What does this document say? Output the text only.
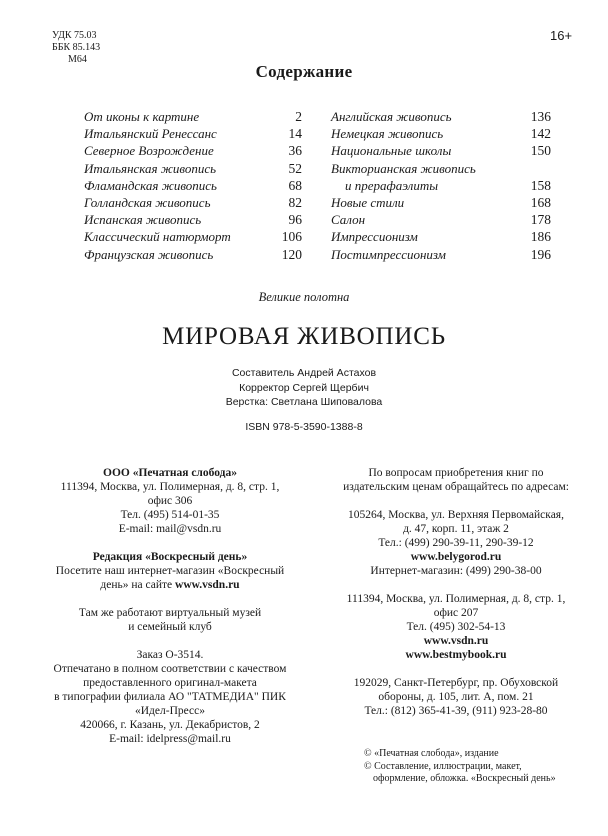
УДК 75.03
ББК 85.143
М64
16+
Содержание
От иконы к картине	2
Итальянский Ренессанс	14
Северное Возрождение	36
Итальянская живопись	52
Фламандская живопись	68
Голландская живопись	82
Испанская живопись	96
Классический натюрморт	106
Французская живопись	120
Английская живопись	136
Немецкая живопись	142
Национальные школы	150
Викторианская живопись
и прерафаэлиты	158
Новые стили	168
Салон	178
Импрессионизм	186
Постимпрессионизм	196
Великие полотна
МИРОВАЯ ЖИВОПИСЬ
Составитель Андрей Астахов
Корректор Сергей Щербич
Верстка: Светлана Шиповалова
ISBN 978-5-3590-1388-8
ООО «Печатная слобода»
111394, Москва, ул. Полимерная, д. 8, стр. 1,
офис 306
Тел. (495) 514-01-35
E-mail: mail@vsdn.ru
Редакция «Воскресный день»
Посетите наш интернет-магазин «Воскресный
день» на сайте www.vsdn.ru
Там же работают виртуальный музей
и семейный клуб
Заказ О-3514.
Отпечатано в полном соответствии с качеством
предоставленного оригинал-макета
в типографии филиала АО "ТАТМЕДИА" ПИК
«Идел-Пресс»
420066, г. Казань, ул. Декабристов, 2
E-mail: idelpress@mail.ru
По вопросам приобретения книг по
издательским ценам обращайтесь по адресам:
105264, Москва, ул. Верхняя Первомайская,
д. 47, корп. 11, этаж 2
Тел.: (499) 290-39-11, 290-39-12
www.belygorod.ru
Интернет-магазин: (499) 290-38-00
111394, Москва, ул. Полимерная, д. 8, стр. 1,
офис 207
Тел. (495) 302-54-13
www.vsdn.ru
www.bestmybook.ru
192029, Санкт-Петербург, пр. Обуховской
обороны, д. 105, лит. А, пом. 21
Тел.: (812) 365-41-39, (911) 923-28-80
© «Печатная слобода», издание
© Составление, иллюстрации, макет,
оформление, обложка. «Воскресный день»
